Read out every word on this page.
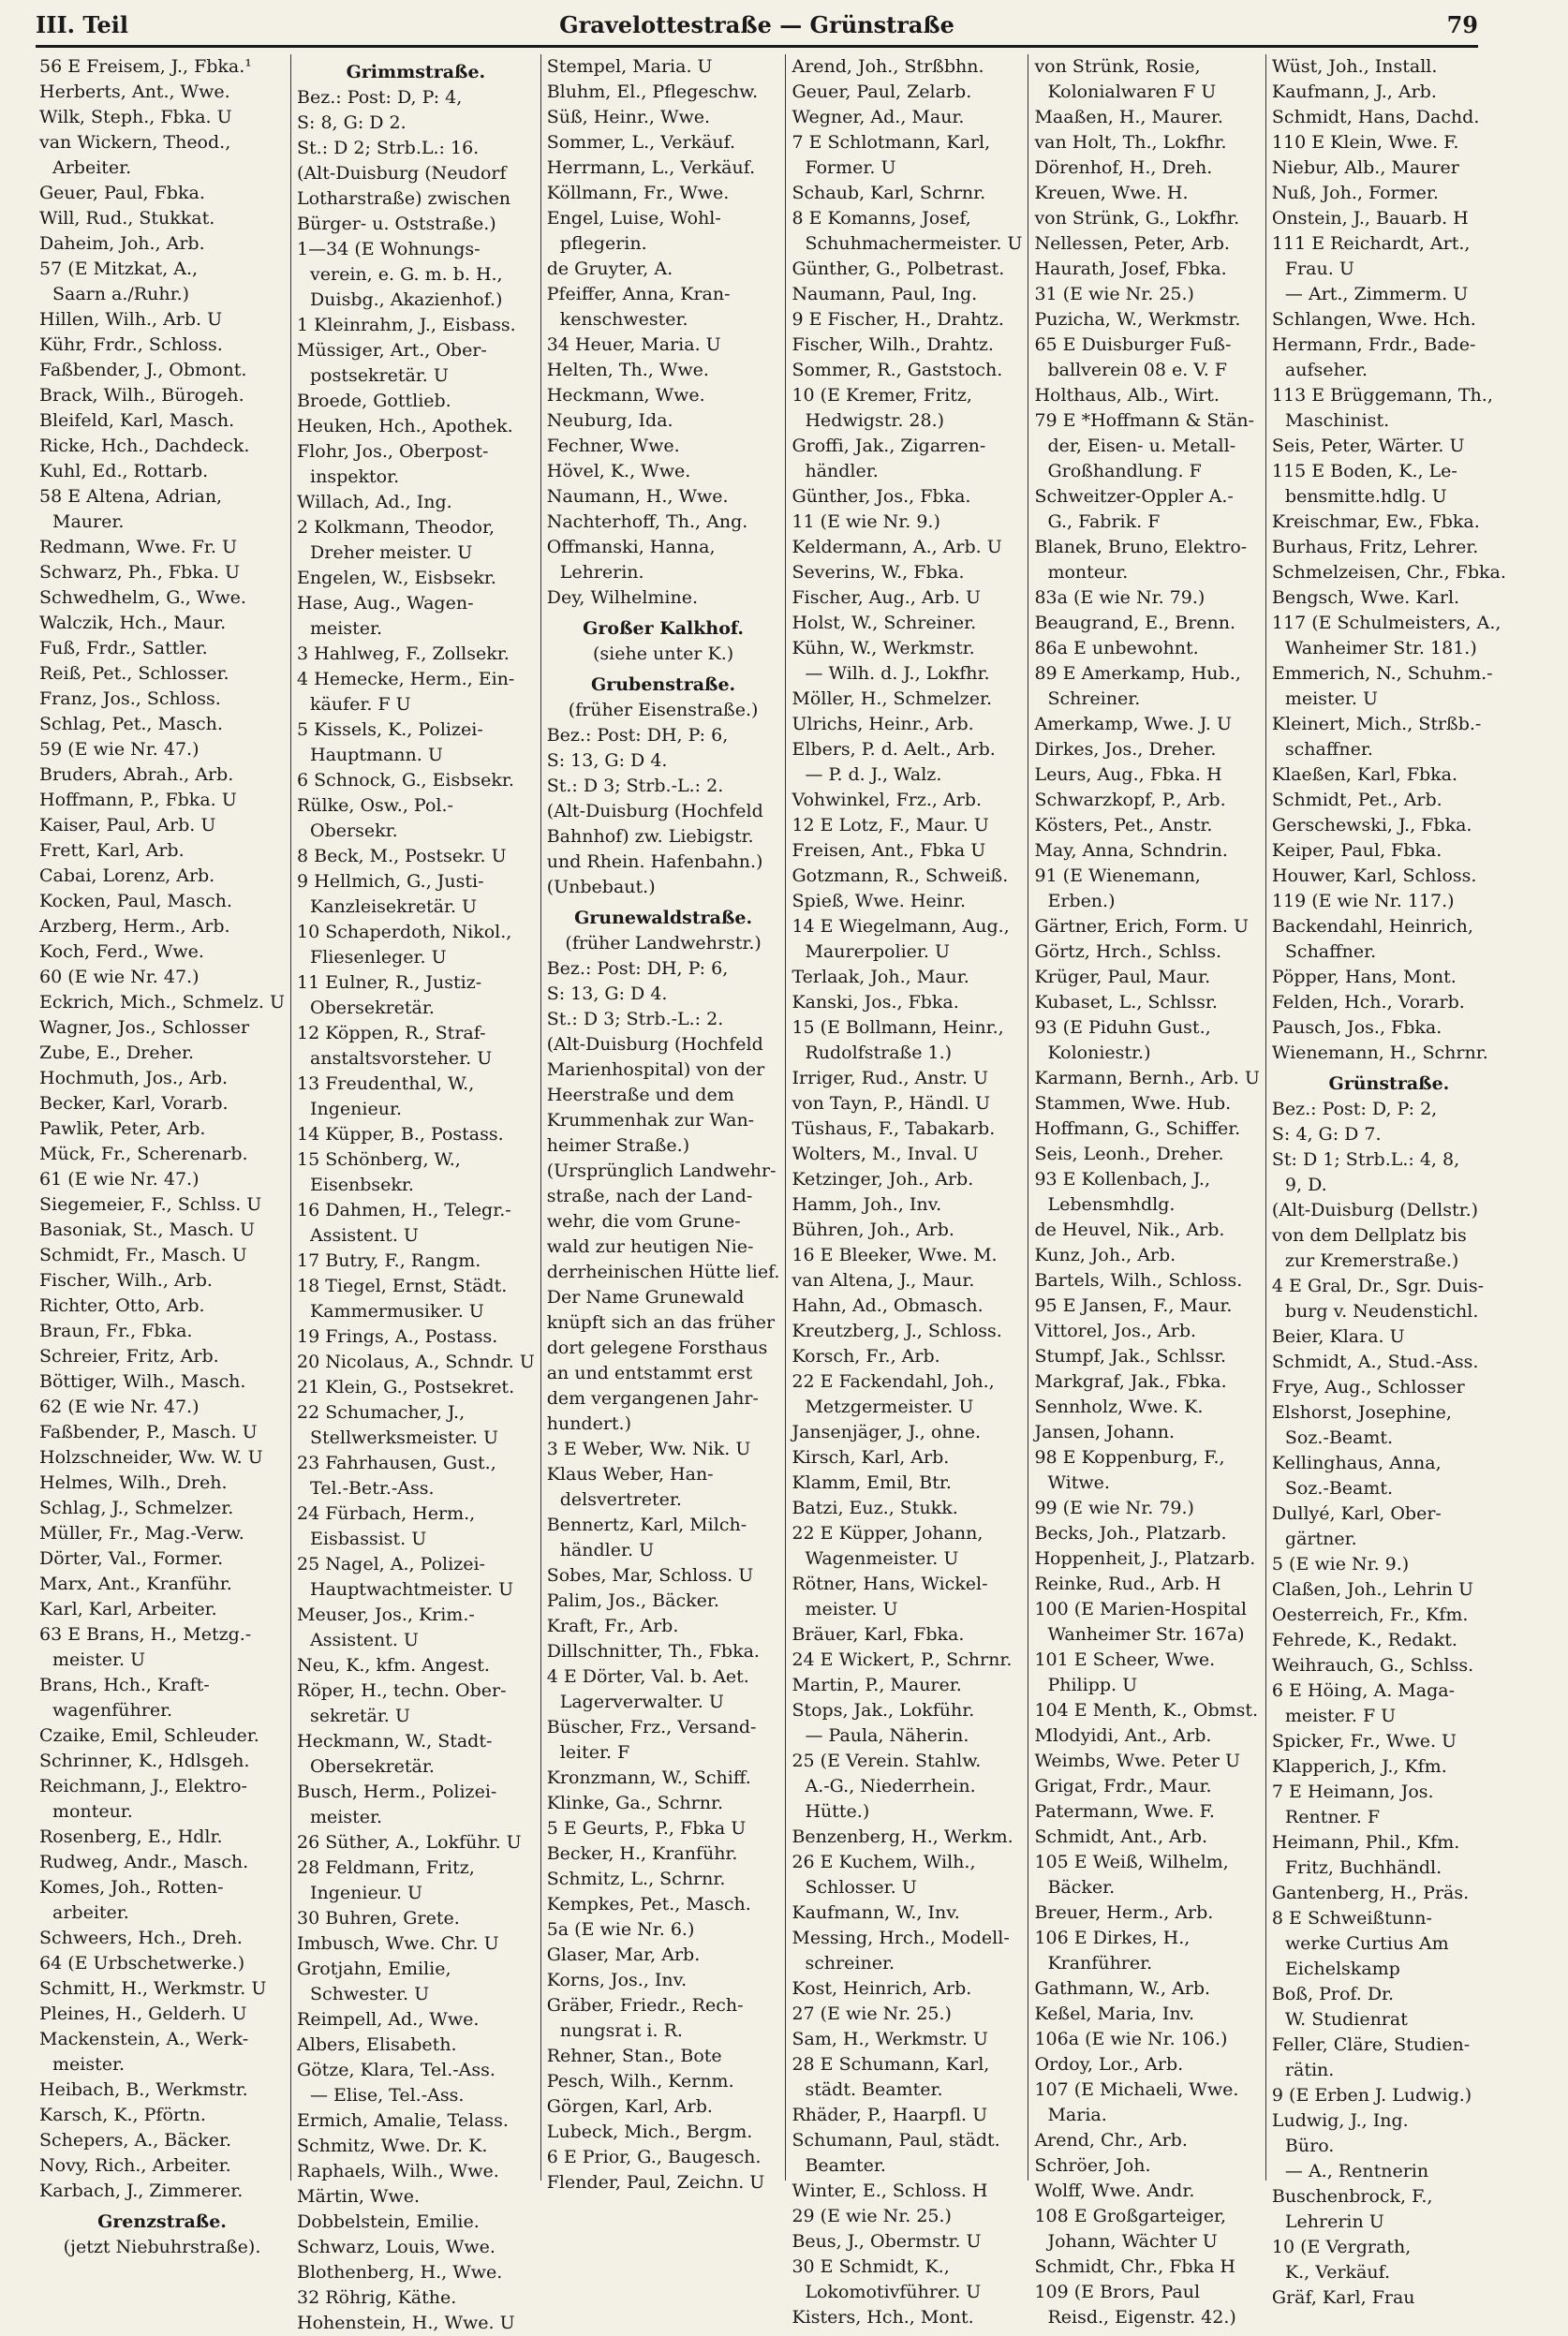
III. Teil	Gravelottestraße — Grünstraße	79
56 E Freisem, J., Fbka.¹
Herberts, Ant., Wwe.
Wilk, Steph., Fbka. U
van Wickern, Theod.,
Arbeiter.
Geuer, Paul, Fbka.
Will, Rud., Stukkat.
Daheim, Joh., Arb.
57 (E Mitzkat, A.,
Saarn a./Ruhr.)
Hillen, Wilh., Arb. U
Kühr, Frdr., Schloss.
Faßbender, J., Obmont.
Brack, Wilh., Bürogeh.
Bleifeld, Karl, Masch.
Ricke, Hch., Dachdeck.
Kuhl, Ed., Rottarb.
58 E Altena, Adrian,
Maurer.
Redmann, Wwe. Fr. U
Schwarz, Ph., Fbka. U
Schwedhelm, G., Wwe.
Walczik, Hch., Maur.
Fuß, Frdr., Sattler.
Reiß, Pet., Schlosser.
Franz, Jos., Schloss.
Schlag, Pet., Masch.
59 (E wie Nr. 47.)
Bruders, Abrah., Arb.
Hoffmann, P., Fbka. U
Kaiser, Paul, Arb. U
Frett, Karl, Arb.
Cabai, Lorenz, Arb.
Kocken, Paul, Masch.
Arzberg, Herm., Arb.
Koch, Ferd., Wwe.
60 (E wie Nr. 47.)
Eckrich, Mich., Schmelz. U
Wagner, Jos., Schlosser
Zube, E., Dreher.
Hochmuth, Jos., Arb.
Becker, Karl, Vorarb.
Pawlik, Peter, Arb.
Mück, Fr., Scherenarb.
61 (E wie Nr. 47.)
Siegemeier, F., Schlss. U
Basoniak, St., Masch. U
Schmidt, Fr., Masch. U
Fischer, Wilh., Arb.
Richter, Otto, Arb.
Braun, Fr., Fbka.
Schreier, Fritz, Arb.
Böttiger, Wilh., Masch.
62 (E wie Nr. 47.)
Faßbender, P., Masch. U
Holzschneider, Ww. W. U
Helmes, Wilh., Dreh.
Schlag, J., Schmelzer.
Müller, Fr., Mag.-Verw.
Dörter, Val., Former.
Marx, Ant., Kranführ.
Karl, Karl, Arbeiter.
63 E Brans, H., Metzg.-
meister. U
Brans, Hch., Kraft-
wagenführer.
Czaike, Emil, Schleuder.
Schrinner, K., Hdlsgeh.
Reichmann, J., Elektro-
monteur.
Rosenberg, E., Hdlr.
Rudweg, Andr., Masch.
Komes, Joh., Rotten-
arbeiter.
Schweers, Hch., Dreh.
64 (E Urbschetwerke.)
Schmitt, H., Werkmstr. U
Pleines, H., Gelderh. U
Mackenstein, A., Werk-
meister.
Heibach, B., Werkmstr.
Karsch, K., Pförtn.
Schepers, A., Bäcker.
Novy, Rich., Arbeiter.
Karbach, J., Zimmerer.
Grenzstraße.
(jetzt Niebuhrstraße).
Grimmstraße.
Bez.: Post: D, P: 4,
S: 8, G: D 2.
St.: D 2; Strb.L.: 16.
(Alt-Duisburg (Neudorf
Lotharstraße) zwischen
Bürger- u. Oststraße.)
1—34 (E Wohnungs-
verein, e. G. m. b. H.,
Duisbg., Akazienhof.)
1 Kleinrahm, J., Eisbass.
Müssiger, Art., Ober-
postsekretär. U
Broede, Gottlieb.
Heuken, Hch., Apothek.
Flohr, Jos., Oberpost-
inspektor.
Willach, Ad., Ing.
2 Kolkmann, Theodor,
Dreher meister. U
Engelen, W., Eisbsekr.
Hase, Aug., Wagen-
meister.
3 Hahlweg, F., Zollsekr.
4 Hemecke, Herm., Ein-
käufer. F U
5 Kissels, K., Polizei-
Hauptmann. U
6 Schnock, G., Eisbsekr.
Rülke, Osw., Pol.-
Obersekr.
8 Beck, M., Postsekr. U
9 Hellmich, G., Justi-
Kanzleisekretär. U
10 Schaperdoth, Nikol.,
Fliesenleger. U
11 Eulner, R., Justiz-
Obersekretär.
12 Köppen, R., Straf-
anstaltsvorsteher. U
13 Freudenthal, W.,
Ingenieur.
14 Küpper, B., Postass.
15 Schönberg, W.,
Eisenbsekr.
16 Dahmen, H., Telegr.-
Assistent. U
17 Butry, F., Rangm.
18 Tiegel, Ernst, Städt.
Kammermusiker. U
19 Frings, A., Postass.
20 Nicolaus, A., Schndr. U
21 Klein, G., Postsekret.
22 Schumacher, J.,
Stellwerksmeister. U
23 Fahrhausen, Gust.,
Tel.-Betr.-Ass.
24 Fürbach, Herm.,
Eisbassist. U
25 Nagel, A., Polizei-
Hauptwachtmeister. U
Meuser, Jos., Krim.-
Assistent. U
Neu, K., kfm. Angest.
Röper, H., techn. Ober-
sekretär. U
Heckmann, W., Stadt-
Obersekretär.
Busch, Herm., Polizei-
meister.
26 Süther, A., Lokführ. U
28 Feldmann, Fritz,
Ingenieur. U
30 Buhren, Grete.
Imbusch, Wwe. Chr. U
Grotjahn, Emilie,
Schwester. U
Reimpell, Ad., Wwe.
Albers, Elisabeth.
Götze, Klara, Tel.-Ass.
— Elise, Tel.-Ass.
Ermich, Amalie, Telass.
Schmitz, Wwe. Dr. K.
Raphaels, Wilh., Wwe.
Märtin, Wwe.
Dobbelstein, Emilie.
Schwarz, Louis, Wwe.
Blothenberg, H., Wwe.
32 Röhrig, Käthe.
Hohenstein, H., Wwe. U
Stempel, Maria. U
Bluhm, El., Pflegeschw.
Süß, Heinr., Wwe.
Sommer, L., Verkäuf.
Herrmann, L., Verkäuf.
Köllmann, Fr., Wwe.
Engel, Luise, Wohl-
pflegerin.
de Gruyter, A.
Pfeiffer, Anna, Kran-
kenschwester.
34 Heuer, Maria. U
Helten, Th., Wwe.
Heckmann, Wwe.
Neuburg, Ida.
Fechner, Wwe.
Hövel, K., Wwe.
Naumann, H., Wwe.
Nachterhoff, Th., Ang.
Offmanski, Hanna,
Lehrerin.
Dey, Wilhelmine.
Großer Kalkhof.
(siehe unter K.)
Grubenstraße.
(früher Eisenstraße.)
Bez.: Post: DH, P: 6,
S: 13, G: D 4.
St.: D 3; Strb.-L.: 2.
(Alt-Duisburg (Hochfeld
Bahnhof) zw. Liebigstr.
und Rhein. Hafenbahn.)
(Unbebaut.)
Grunewaldstraße.
(früher Landwehrstr.)
Bez.: Post: DH, P: 6,
S: 13, G: D 4.
St.: D 3; Strb.-L.: 2.
(Alt-Duisburg (Hochfeld
Marienhospital) von der
Heerstraße und dem
Krummenhak zur Wan-
heimer Straße.)
(Ursprünglich Landwehr-
straße, nach der Land-
wehr, die vom Grune-
wald zur heutigen Nie-
derrheinischen Hütte lief.
Der Name Grunewald
knüpft sich an das früher
dort gelegene Forsthaus
an und entstammt erst
dem vergangenen Jahr-
hundert.)
3 E Weber, Ww. Nik. U
Klaus Weber, Han-
delsvertreter.
Bennertz, Karl, Milch-
händler. U
Sobes, Mar, Schloss. U
Palim, Jos., Bäcker.
Kraft, Fr., Arb.
Dillschnitter, Th., Fbka.
4 E Dörter, Val. b. Aet.
Lagerverwalter. U
Büscher, Frz., Versand-
leiter. F
Kronzmann, W., Schiff.
Klinke, Ga., Schrnr.
5 E Geurts, P., Fbka U
Becker, H., Kranführ.
Schmitz, L., Schrnr.
Kempkes, Pet., Masch.
5a (E wie Nr. 6.)
Glaser, Mar, Arb.
Korns, Jos., Inv.
Gräber, Friedr., Rech-
nungsrat i. R.
Rehner, Stan., Bote
Pesch, Wilh., Kernm.
Görgen, Karl, Arb.
Lubeck, Mich., Bergm.
6 E Prior, G., Baugesch.
Flender, Paul, Zeichn. U
Arend, Joh., Strßbhn.
Geuer, Paul, Zelarb.
Wegner, Ad., Maur.
7 E Schlotmann, Karl,
Former. U
Schaub, Karl, Schrnr.
8 E Komanns, Josef,
Schuhmachermeister. U
Günther, G., Polbetrast.
Naumann, Paul, Ing.
9 E Fischer, H., Drahtz.
Fischer, Wilh., Drahtz.
Sommer, R., Gaststoch.
10 (E Kremer, Fritz,
Hedwigstr. 28.)
Groffi, Jak., Zigarren-
händler.
Günther, Jos., Fbka.
11 (E wie Nr. 9.)
Keldermann, A., Arb. U
Severins, W., Fbka.
Fischer, Aug., Arb. U
Holst, W., Schreiner.
Kühn, W., Werkmstr.
— Wilh. d. J., Lokfhr.
Möller, H., Schmelzer.
Ulrichs, Heinr., Arb.
Elbers, P. d. Aelt., Arb.
— P. d. J., Walz.
Vohwinkel, Frz., Arb.
12 E Lotz, F., Maur. U
Freisen, Ant., Fbka U
Gotzmann, R., Schweiß.
Spieß, Wwe. Heinr.
14 E Wiegelmann, Aug.,
Maurerpolier. U
Terlaak, Joh., Maur.
Kanski, Jos., Fbka.
15 (E Bollmann, Heinr.,
Rudolfstraße 1.)
Irriger, Rud., Anstr. U
von Tayn, P., Händl. U
Tüshaus, F., Tabakarb.
Wolters, M., Inval. U
Ketzinger, Joh., Arb.
Hamm, Joh., Inv.
Bühren, Joh., Arb.
16 E Bleeker, Wwe. M.
van Altena, J., Maur.
Hahn, Ad., Obmasch.
Kreutzberg, J., Schloss.
Korsch, Fr., Arb.
22 E Fackendahl, Joh.,
Metzgermeister. U
Jansenjäger, J., ohne.
Kirsch, Karl, Arb.
Klamm, Emil, Btr.
Batzi, Euz., Stukk.
22 E Küpper, Johann,
Wagenmeister. U
Rötner, Hans, Wickel-
meister. U
Bräuer, Karl, Fbka.
24 E Wickert, P., Schrnr.
Martin, P., Maurer.
Stops, Jak., Lokführ.
— Paula, Näherin.
25 (E Verein. Stahlw.
A.-G., Niederrhein.
Hütte.)
Benzenberg, H., Werkm.
26 E Kuchem, Wilh.,
Schlosser. U
Kaufmann, W., Inv.
Messing, Hrch., Modell-
schreiner.
Kost, Heinrich, Arb.
27 (E wie Nr. 25.)
Sam, H., Werkmstr. U
28 E Schumann, Karl,
städt. Beamter.
Rhäder, P., Haarpfl. U
Schumann, Paul, städt.
Beamter.
Winter, E., Schloss. H
29 (E wie Nr. 25.)
Beus, J., Obermstr. U
30 E Schmidt, K.,
Lokomotivführer. U
Kisters, Hch., Mont.
von Strünk, Rosie,
Kolonialwaren F U
Maaßen, H., Maurer.
van Holt, Th., Lokfhr.
Dörenhof, H., Dreh.
Kreuen, Wwe. H.
von Strünk, G., Lokfhr.
Nellessen, Peter, Arb.
Haurath, Josef, Fbka.
31 (E wie Nr. 25.)
Puzicha, W., Werkmstr.
65 E Duisburger Fuß-
ballverein 08 e. V. F
Holthaus, Alb., Wirt.
79 E *Hoffmann & Stän-
der, Eisen- u. Metall-
Großhandlung. F
Schweitzer-Oppler A.-
G., Fabrik. F
Blanek, Bruno, Elektro-
monteur.
83a (E wie Nr. 79.)
Beaugrand, E., Brenn.
86a E unbewohnt.
89 E Amerkamp, Hub.,
Schreiner.
Amerkamp, Wwe. J. U
Dirkes, Jos., Dreher.
Leurs, Aug., Fbka. H
Schwarzkopf, P., Arb.
Kösters, Pet., Anstr.
May, Anna, Schndrin.
91 (E Wienemann,
Erben.)
Gärtner, Erich, Form. U
Görtz, Hrch., Schlss.
Krüger, Paul, Maur.
Kubaset, L., Schlssr.
93 (E Piduhn Gust.,
Koloniestr.)
Karmann, Bernh., Arb. U
Stammen, Wwe. Hub.
Hoffmann, G., Schiffer.
Seis, Leonh., Dreher.
93 E Kollenbach, J.,
Lebensmhdlg.
de Heuvel, Nik., Arb.
Kunz, Joh., Arb.
Bartels, Wilh., Schloss.
95 E Jansen, F., Maur.
Vittorel, Jos., Arb.
Stumpf, Jak., Schlssr.
Markgraf, Jak., Fbka.
Sennholz, Wwe. K.
Jansen, Johann.
98 E Koppenburg, F.,
Witwe.
99 (E wie Nr. 79.)
Becks, Joh., Platzarb.
Hoppenheit, J., Platzarb.
Reinke, Rud., Arb. H
100 (E Marien-Hospital
Wanheimer Str. 167a)
101 E Scheer, Wwe.
Philipp. U
104 E Menth, K., Obmst.
Mlodyidi, Ant., Arb.
Weimbs, Wwe. Peter U
Grigat, Frdr., Maur.
Patermann, Wwe. F.
Schmidt, Ant., Arb.
105 E Weiß, Wilhelm,
Bäcker.
Breuer, Herm., Arb.
106 E Dirkes, H.,
Kranführer.
Gathmann, W., Arb.
Keßel, Maria, Inv.
106a (E wie Nr. 106.)
Ordoy, Lor., Arb.
107 (E Michaeli, Wwe.
Maria.
Arend, Chr., Arb.
Schröer, Joh.
Wolff, Wwe. Andr.
108 E Großgarteiger,
Johann, Wächter U
Schmidt, Chr., Fbka H
109 (E Brors, Paul
Reisd., Eigenstr. 42.)
Wüst, Joh., Install.
Kaufmann, J., Arb.
Schmidt, Hans, Dachd.
110 E Klein, Wwe. F.
Niebur, Alb., Maurer
Nuß, Joh., Former.
Onstein, J., Bauarb. H
111 E Reichardt, Art.,
Frau. U
— Art., Zimmerm. U
Schlangen, Wwe. Hch.
Hermann, Frdr., Bade-
aufseher.
113 E Brüggemann, Th.,
Maschinist.
Seis, Peter, Wärter. U
115 E Boden, K., Le-
bensmitte.hdlg. U
Kreischmar, Ew., Fbka.
Burhaus, Fritz, Lehrer.
Schmelzeisen, Chr., Fbka.
Bengsch, Wwe. Karl.
117 (E Schulmeisters, A.,
Wanheimer Str. 181.)
Emmerich, N., Schuhm.-
meister. U
Kleinert, Mich., Strßb.-
schaffner.
Klaeßen, Karl, Fbka.
Schmidt, Pet., Arb.
Gerschewski, J., Fbka.
Keiper, Paul, Fbka.
Houwer, Karl, Schloss.
119 (E wie Nr. 117.)
Backendahl, Heinrich,
Schaffner.
Pöpper, Hans, Mont.
Felden, Hch., Vorarb.
Pausch, Jos., Fbka.
Wienemann, H., Schrnr.
Grünstraße.
Bez.: Post: D, P: 2,
S: 4, G: D 7.
St: D 1; Strb.L.: 4, 8,
9, D.
(Alt-Duisburg (Dellstr.)
von dem Dellplatz bis
zur Kremerstraße.)
4 E Gral, Dr., Sgr. Duis-
burg v. Neudenstichl.
Beier, Klara. U
Schmidt, A., Stud.-Ass.
Frye, Aug., Schlosser
Elshorst, Josephine,
Soz.-Beamt.
Kellinghaus, Anna,
Soz.-Beamt.
Dullyé, Karl, Ober-
gärtner.
5 (E wie Nr. 9.)
Claßen, Joh., Lehrin U
Oesterreich, Fr., Kfm.
Fehrede, K., Redakt.
Weihrauch, G., Schlss.
6 E Höing, A. Maga-
meister. F U
Spicker, Fr., Wwe. U
Klapperich, J., Kfm.
7 E Heimann, Jos.
Rentner. F
Heimann, Phil., Kfm.
Fritz, Buchhändl.
Gantenberg, H., Präs.
8 E Schweißtunn-
werke Curtius Am
Eichelskamp
Boß, Prof. Dr.
W. Studienrat
Feller, Cläre, Studien-
rätin.
9 (E Erben J. Ludwig.)
Ludwig, J., Ing.
Büro.
— A., Rentnerin
Buschenbrock, F.,
Lehrerin U
10 (E Vergrath,
K., Verkäuf.
Gräf, Karl, Frau
